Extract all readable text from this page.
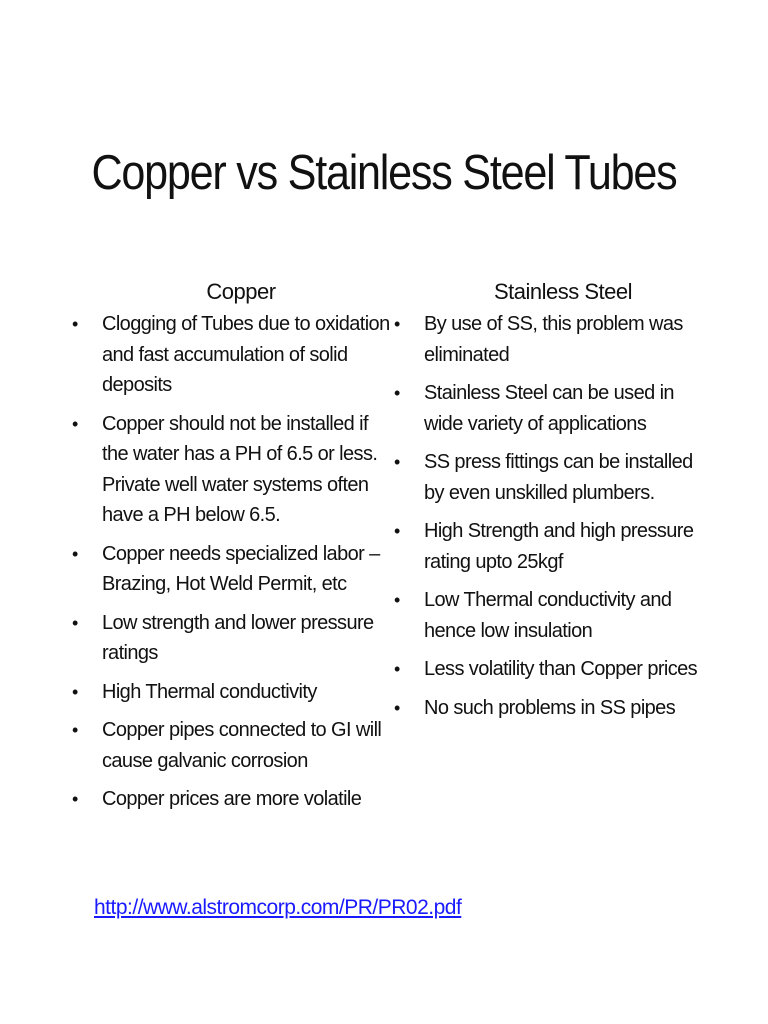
Copper vs Stainless Steel Tubes
Copper
• Clogging of Tubes due to oxidation and fast accumulation of solid deposits
• Copper should not be installed if the water has a PH of 6.5 or less. Private well water systems often have a PH below 6.5.
• Copper needs specialized labor – Brazing, Hot Weld Permit, etc
• Low strength and lower pressure ratings
• High Thermal conductivity
• Copper pipes connected to GI will cause galvanic corrosion
• Copper prices are more volatile
Stainless Steel
• By use of SS, this problem was eliminated
• Stainless Steel can be used in wide variety of applications
• SS press fittings can be installed by even unskilled plumbers.
• High Strength and high pressure rating upto 25kgf
• Low Thermal conductivity and hence low insulation
• Less volatility than Copper prices
• No such problems in SS pipes
http://www.alstromcorp.com/PR/PR02.pdf
